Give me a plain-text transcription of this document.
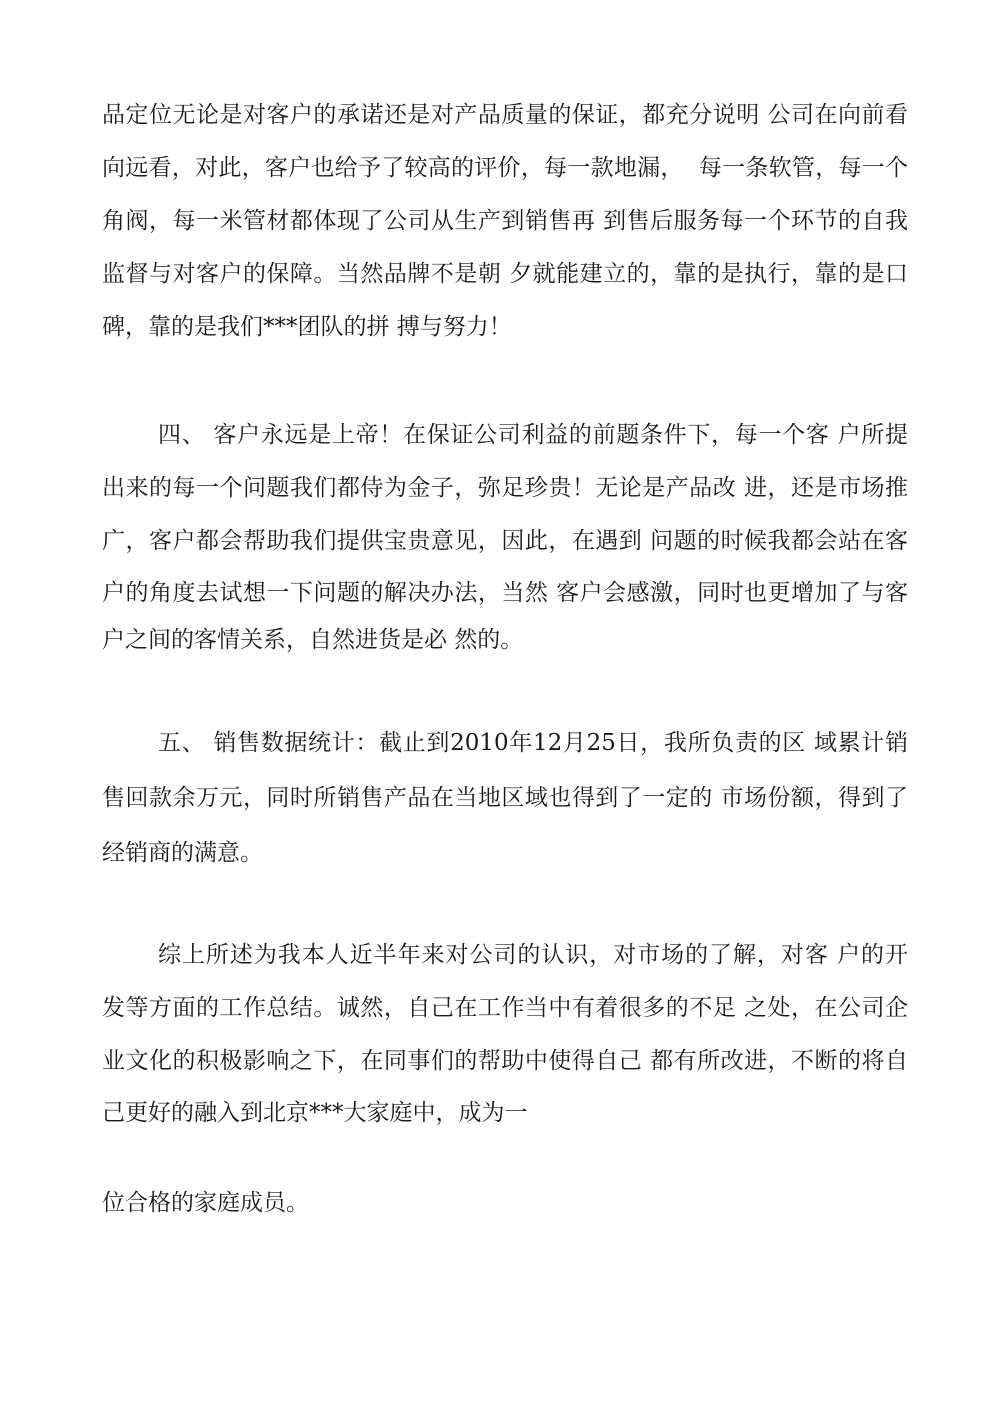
品定位无论是对客户的承诺还是对产品质量的保证，都充分说明 公司在向前看
向远看，对此，客户也给予了较高的评价，每一款地漏，  每一条软管，每一个
角阀，每一米管材都体现了公司从生产到销售再 到售后服务每一个环节的自我
监督与对客户的保障。当然品牌不是朝 夕就能建立的，靠的是执行，靠的是口
碑，靠的是我们***团队的拼 搏与努力！
四、 客户永远是上帝！在保证公司利益的前题条件下，每一个客 户所提
出来的每一个问题我们都侍为金子，弥足珍贵！无论是产品改 进，还是市场推
广，客户都会帮助我们提供宝贵意见，因此，在遇到 问题的时候我都会站在客
户的角度去试想一下问题的解决办法，当然 客户会感激，同时也更增加了与客
户之间的客情关系，自然进货是必 然的。
五、 销售数据统计：截止到2010年12月25日，我所负责的区 域累计销
售回款余万元，同时所销售产品在当地区域也得到了一定的 市场份额，得到了
经销商的满意。
综上所述为我本人近半年来对公司的认识，对市场的了解，对客 户的开
发等方面的工作总结。诚然，自己在工作当中有着很多的不足 之处，在公司企
业文化的积极影响之下，在同事们的帮助中使得自己 都有所改进，不断的将自
己更好的融入到北京***大家庭中，成为一
位合格的家庭成员。
